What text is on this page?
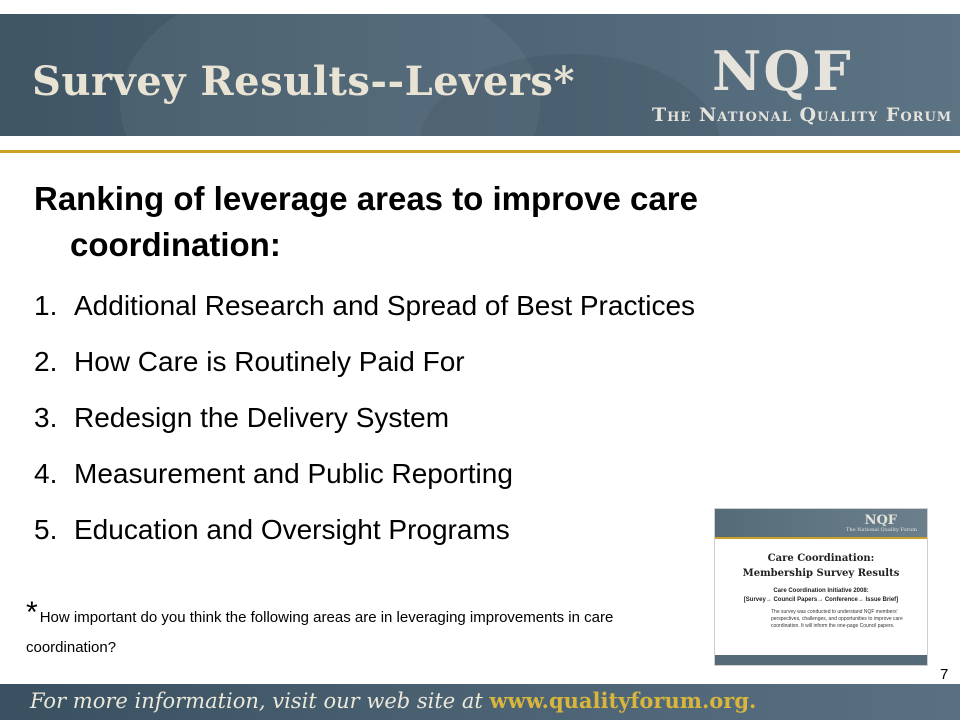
Survey Results--Levers*	NQF
The National Quality Forum

Ranking of leverage areas to improve care coordination:

1. Additional Research and Spread of Best Practices
2. How Care is Routinely Paid For
3. Redesign the Delivery System
4. Measurement and Public Reporting
5. Education and Oversight Programs	NQF
The National Quality Forum
Care Coordination:
Membership Survey Results
Care Coordination Initiative 2008:
[Survey→ Council Papers→ Conference→ Issue Brief]
The survey was conducted to understand NQF members' perspectives, challenges, and opportunities to improve care coordination. It will inform the one-page Council papers.
* How important do you think the following areas are in leveraging improvements in care coordination?
7
For more information, visit our web site at www.qualityforum.org.
